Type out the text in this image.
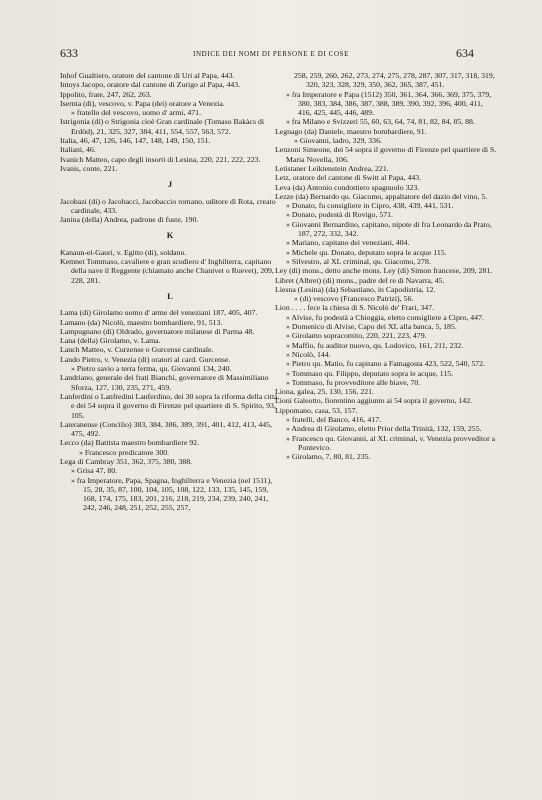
633	INDICE DEI NOMI DI PERSONE E DI COSE	634

Inhof Gualtiero, oratore del cantone di Uri al Papa, 443.

Intoys Jacopo, oratore dal cantone di Zurigo al Papa, 443.

Ippolito, frate, 247, 262, 263.

Isernia (di), vescovo, v. Papa (dei) oratore a Venezia.

» fratello del vescovo, uomo d' armi, 471.

Istrigonia (di) o Strigonia cioè Gran cardinale (Tomaso Bakàcs di Erdöd), 21, 325, 327, 384, 411, 554, 557, 563, 572.

Italia, 46, 47, 126, 146, 147, 148, 149, 150, 151.

Italiani, 46.

Ivanich Matteo, capo degli insorti di Lesina, 220, 221, 222, 223.

Ivanis, conte, 221.

J

Jacobazi (di) o Jacobacci, Jacobaccio romano, uditore di Rota, creato cardinale, 433.

Janina (della) Andrea, padrone di fuste, 190.

K

Kanaun-el-Gauri, v. Egitto (di), soldano.

Kemnet Tommaso, cavaliere e gran scudiero d' Inghilterra, capitano della nave il Reggente (chiamato anche Chanivet o Ruevet), 209, 228, 281.

L

Lama (di) Girolamo uomo d' arme del veneziani 187, 405, 407.

Lamano (da) Nicolò, maestro bombardiere, 91, 513.

Lampugnano (di) Oldrado, governatore milanese di Parma 48.

Lana (della) Girolamo, v. Lama.

Lanch Matteo, v. Curzense o Gurcense cardinale.

Lando Pietro, v. Venezia (di) oratori al card. Gurcense.

» Pietro savio a terra ferma, qu. Giovanni 134, 240.

Landriano, generale dei frati Bianchi, governatore di Massimiliano Sforza, 127, 130, 235, 271, 459.

Lanferdini o Lanfredini Lanferdino, dei 30 sopra la riforma della città, e dei 54 sopra il governo di Firenze pel quartiere di S. Spirito, 93, 105.

Lateranense (Concilio) 383, 384, 386, 389, 391, 401, 412, 413, 445, 475, 492.

Lecco (da) Battista maestro bombardiere 92.

» Francesco predicatore 300.

Lega di Cambray 351, 362, 375, 380, 388.

» Grisa 47, 80.

» fra Imperatore, Papa, Spagna, Inghilterra e Venezia (nel 1511), 15, 28, 35, 87, 100, 104, 105, 108, 122, 133, 135, 145, 159, 168, 174, 175, 183, 201, 216, 218, 219, 234, 239, 240, 241, 242, 246, 248, 251, 252, 255, 257,

258, 259, 260, 262, 273, 274, 275, 278, 287, 307, 317, 318, 319, 320, 323, 328, 329, 350, 362, 365, 387, 451.

» fra Imperatore e Papa (1512) 350, 361, 364, 366, 369, 375, 379, 380, 383, 384, 386, 387, 388, 389, 390, 392, 396, 400, 411, 416, 425, 445, 446, 489.

» fra Milano e Svizzeri 55, 60, 63, 64, 74, 81, 82, 84, 85, 88.

Legnago (da) Daniele, maestro bombardiere, 91.

» Giovanni, ladro, 329, 336.

Lenzoni Simeone, dei 54 sopra il governo di Firenze pel quartiere di S. Maria Novella, 106.

Letistaner Leiktenstein Andrea, 221.

Letz, oratore del cantone di Switt al Papa, 443.

Leva (da) Antonio condottiero spagnuolo 323.

Lezze (da) Bernardo qu. Giacomo, appaltatore del dazio del vino, 5.

» Donato, fu consigliere in Cipro, 438, 439, 441, 531.

» Donato, podestà di Rovigo, 571.

» Giovanni Bernardino, capitano, nipote di fra Leonardo da Prato, 187, 272, 332, 342.

» Mariano, capitano dei veneziani, 404.

» Michele qu. Donato, deputato sopra le acque 115.

» Silvestro, al XL criminal, qu. Giacomo, 278.

Ley (di) mons., detto anche mons. Ley (di) Simon francese, 209, 281.

Libret (Albret) (di) mons., padre del re di Navarra, 45.

Liesna (Lesina) (da) Sebastiano, in Capodistria, 12.

» (di) vescovo (Francesco Patrizi), 56.

Lion . . . . fece la chiesa di S. Nicolò de' Frari, 347.

» Alvise, fu podestà a Chioggia, eletto consigliere a Cipro, 447.

» Domenico di Alvise, Capo dei XL alla banca, 5, 185.

» Girolamo sopracomito, 220, 221, 223, 479.

» Maffio, fu auditor nuovo, qu. Lodovico, 161, 211, 232.

» Nicolò, 144.

» Pietro qu. Matio, fu capitano a Famagosta 423, 522, 540, 572.

» Tommaso qu. Filippo, deputato sopra le acque, 115.

» Tommaso, fu provveditore alle biave, 70.

Liona, galea, 25, 130, 156, 221.

Lioni Galeotto, fiorentino aggiunto ai 54 sopra il governo, 142.

Lippomano, casa, 53, 157.

» fratelli, del Banco, 416, 417.

» Andrea di Girolamo, eletto Prior della Trinità, 132, 159, 255.

» Francesco qu. Giovanni, al XL criminal, v. Venezia provveditor a Pontevico.

» Girolamo, 7, 80, 81, 235.
